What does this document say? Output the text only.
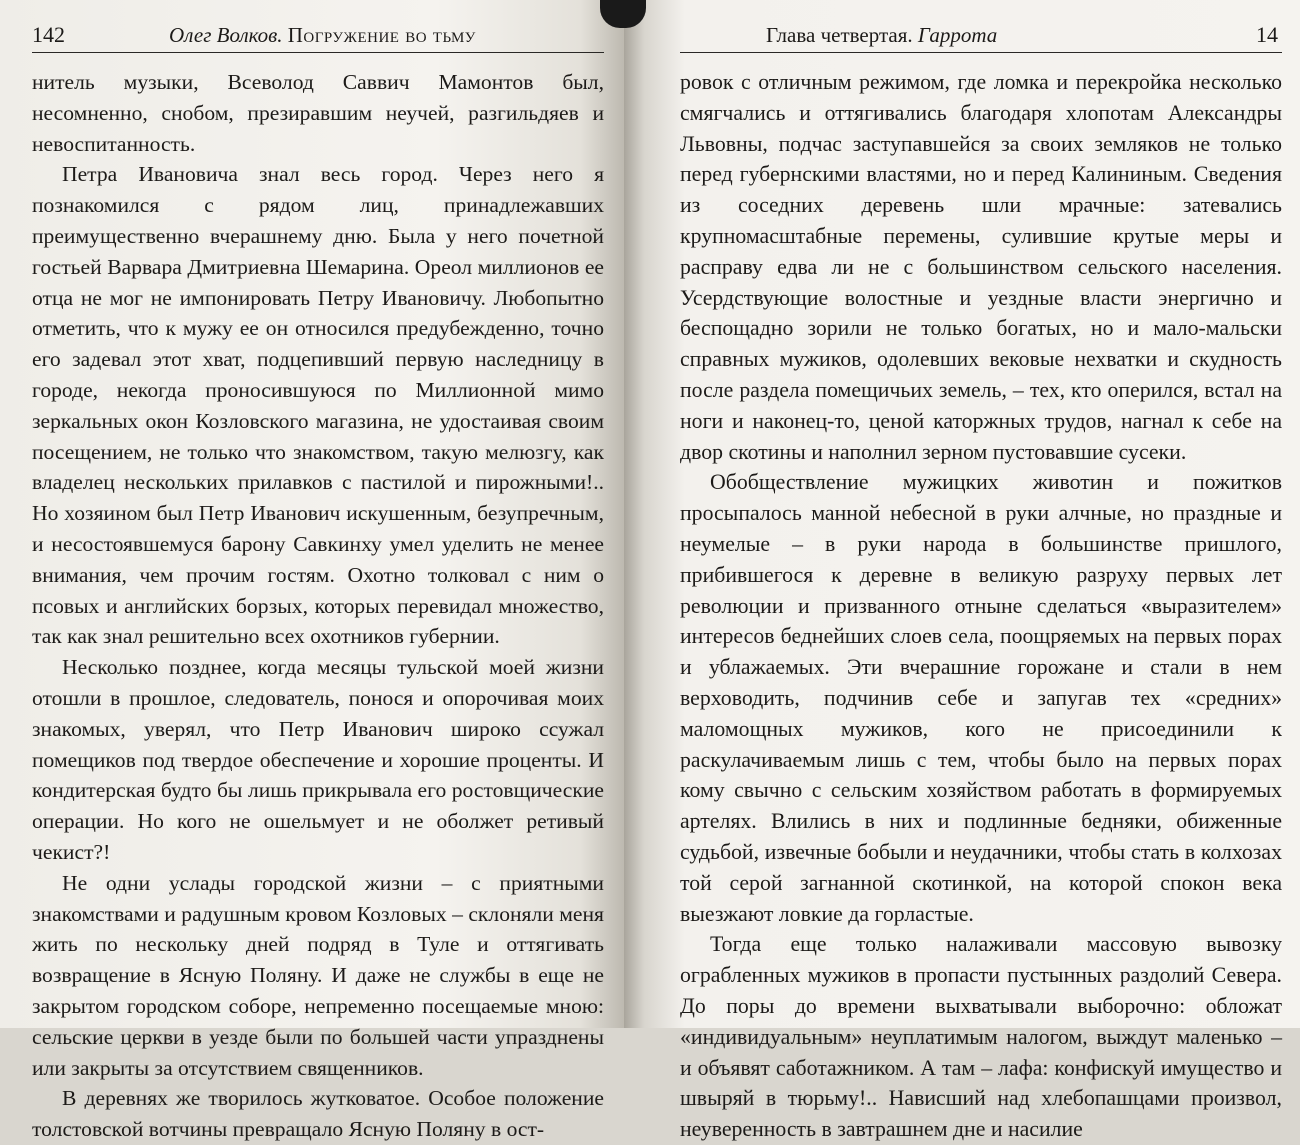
142	Олег Волков. Погружение во тьму

нитель музыки, Всеволод Саввич Мамонтов был, несомненно, снобом, презиравшим неучей, разгильдяев и невоспитанность.

Петра Ивановича знал весь город. Через него я познакомился с рядом лиц, принадлежавших преимущественно вчерашнему дню. Была у него почетной гостьей Варвара Дмитриевна Шемарина. Ореол миллионов ее отца не мог не импонировать Петру Ивановичу. Любопытно отметить, что к мужу ее он относился предубежденно, точно его задевал этот хват, подцепивший первую наследницу в городе, некогда проносившуюся по Миллионной мимо зеркальных окон Козловского магазина, не удостаивая своим посещением, не только что знакомством, такую мелюзгу, как владелец нескольких прилавков с пастилой и пирожными!.. Но хозяином был Петр Иванович искушенным, безупречным, и несостоявшемуся барону Савкинху умел уделить не менее внимания, чем прочим гостям. Охотно толковал с ним о псовых и английских борзых, которых перевидал множество, так как знал решительно всех охотников губернии.

Несколько позднее, когда месяцы тульской моей жизни отошли в прошлое, следователь, понося и опорочивая моих знакомых, уверял, что Петр Иванович широко ссужал помещиков под твердое обеспечение и хорошие проценты. И кондитерская будто бы лишь прикрывала его ростовщические операции. Но кого не ошельмует и не оболжет ретивый чекист?!

Не одни услады городской жизни – с приятными знакомствами и радушным кровом Козловых – склоняли меня жить по нескольку дней подряд в Туле и оттягивать возвращение в Ясную Поляну. И даже не службы в еще не закрытом городском соборе, непременно посещаемые мною: сельские церкви в уезде были по большей части упразднены или закрыты за отсутствием священников.

В деревнях же творилось жутковатое. Особое положение толстовской вотчины превращало Ясную Поляну в ост-

Глава четвертая. Гаррота	14

ровок с отличным режимом, где ломка и перекройка несколько смягчались и оттягивались благодаря хлопотам Александры Львовны, подчас заступавшейся за своих земляков не только перед губернскими властями, но и перед Калининым. Сведения из соседних деревень шли мрачные: затевались крупномасштабные перемены, сулившие крутые меры и расправу едва ли не с большинством сельского населения. Усердствующие волостные и уездные власти энергично и беспощадно зорили не только богатых, но и мало-мальски справных мужиков, одолевших вековые нехватки и скудность после раздела помещичьих земель, – тех, кто оперился, встал на ноги и наконец-то, ценой каторжных трудов, нагнал к себе на двор скотины и наполнил зерном пустовавшие сусеки.

Обобществление мужицких животин и пожитков просыпалось манной небесной в руки алчные, но праздные и неумелые – в руки народа в большинстве пришлого, прибившегося к деревне в великую разруху первых лет революции и призванного отныне сделаться «выразителем» интересов беднейших слоев села, поощряемых на первых порах и ублажаемых. Эти вчерашние горожане и стали в нем верховодить, подчинив себе и запугав тех «средних» маломощных мужиков, кого не присоединили к раскулачиваемым лишь с тем, чтобы было на первых порах кому свычно с сельским хозяйством работать в формируемых артелях. Влились в них и подлинные бедняки, обиженные судьбой, извечные бобыли и неудачники, чтобы стать в колхозах той серой загнанной скотинкой, на которой спокон века выезжают ловкие да горластые.

Тогда еще только налаживали массовую вывозку ограбленных мужиков в пропасти пустынных раздолий Севера. До поры до времени выхватывали выборочно: обложат «индивидуальным» неуплатимым налогом, выждут маленько – и объявят саботажником. А там – лафа: конфискуй имущество и швыряй в тюрьму!.. Нависший над хлебопашцами произвол, неуверенность в завтрашнем дне и насилие
